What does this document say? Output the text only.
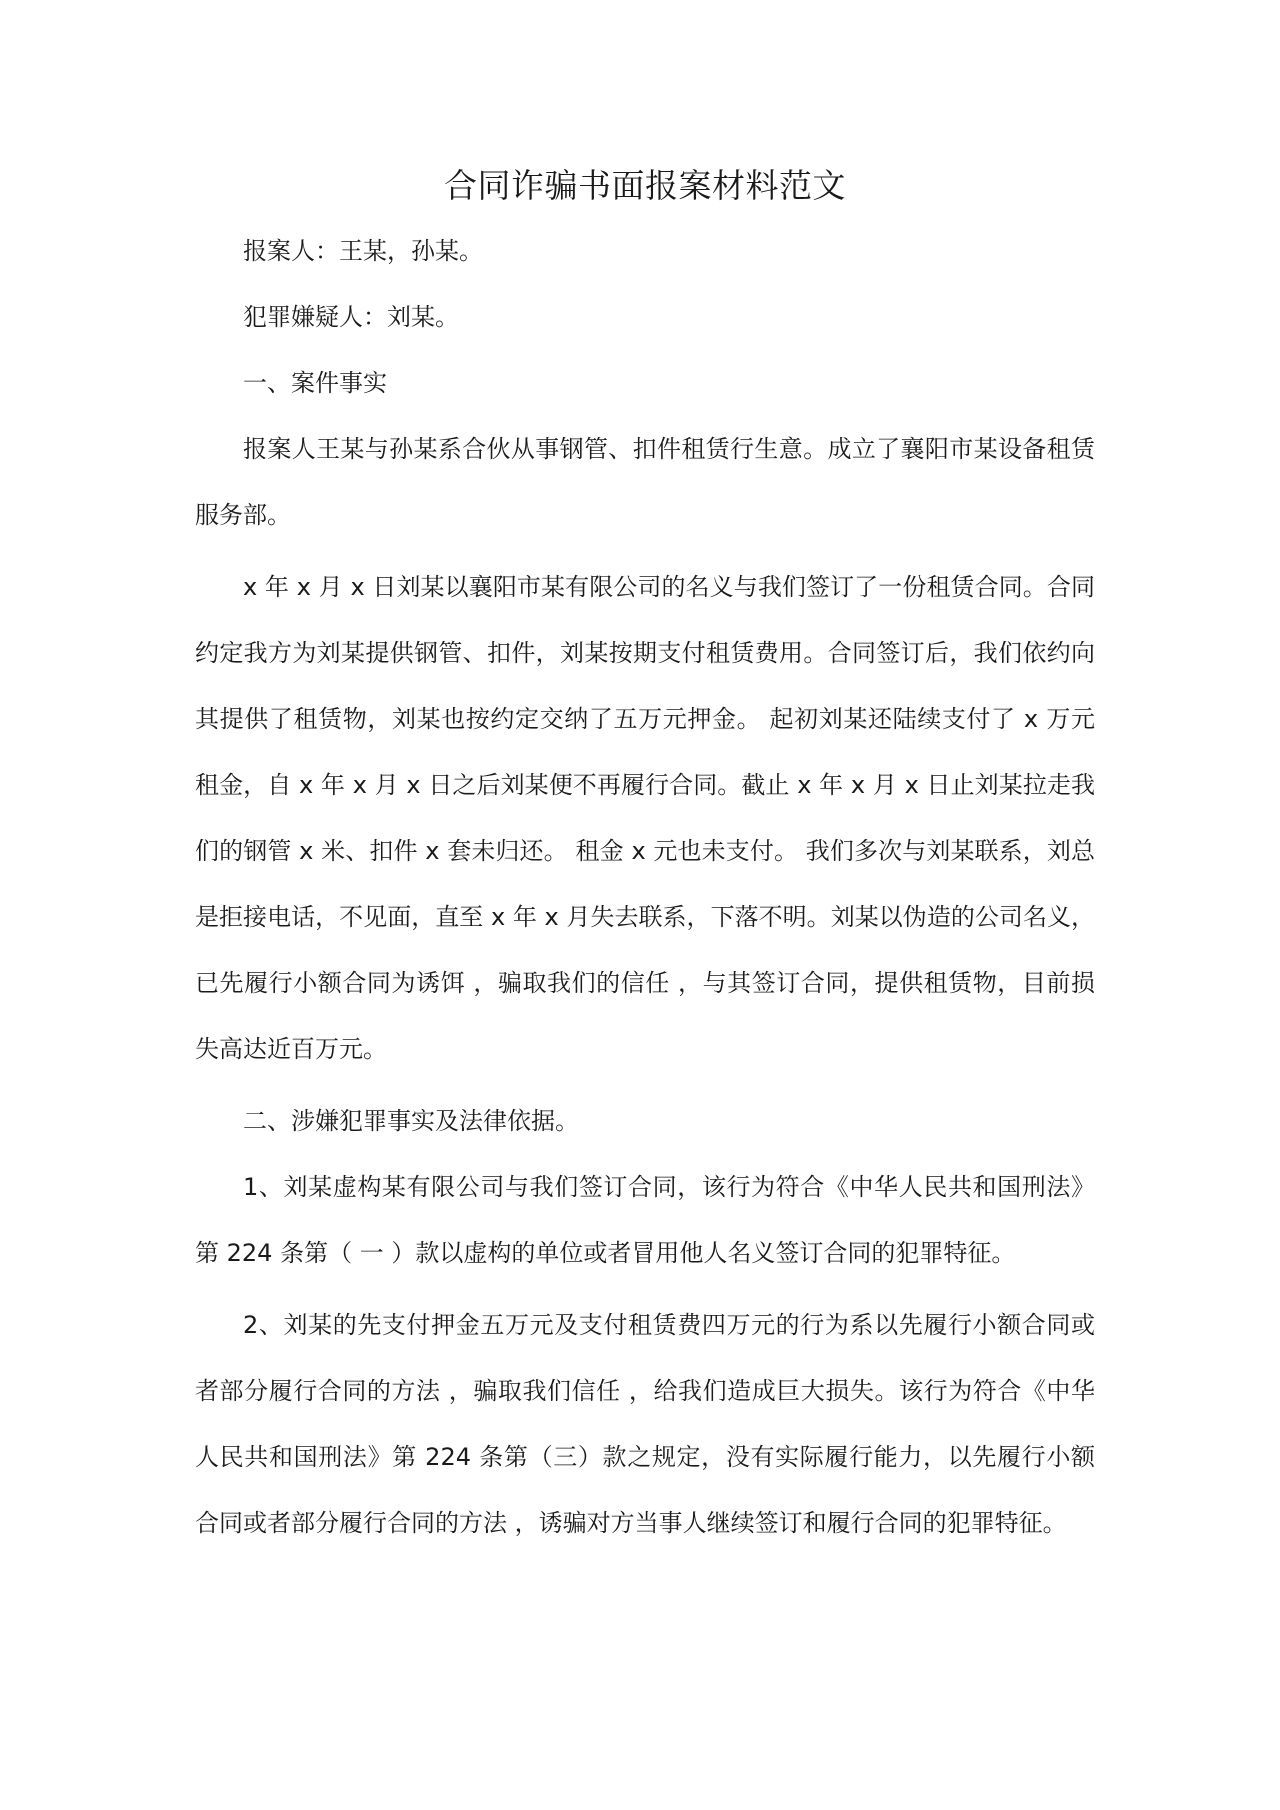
合同诈骗书面报案材料范文

报案人：王某，孙某。

犯罪嫌疑人：刘某。

一、案件事实

报案人王某与孙某系合伙从事钢管、扣件租赁行生意。成立了襄阳市某设备租赁服务部。

x 年 x 月 x 日刘某以襄阳市某有限公司的名义与我们签订了一份租赁合同。合同约定我方为刘某提供钢管、扣件，刘某按期支付租赁费用。合同签订后，我们依约向其提供了租赁物，刘某也按约定交纳了五万元押金。 起初刘某还陆续支付了 x 万元租金，自 x 年 x 月 x 日之后刘某便不再履行合同。截止 x 年 x 月 x 日止刘某拉走我们的钢管 x 米、扣件 x 套未归还。 租金 x 元也未支付。 我们多次与刘某联系，刘总是拒接电话，不见面，直至 x 年 x 月失去联系，下落不明。刘某以伪造的公司名义，已先履行小额合同为诱饵 ，骗取我们的信任 ，与其签订合同，提供租赁物，目前损失高达近百万元。

二、涉嫌犯罪事实及法律依据。

1、刘某虚构某有限公司与我们签订合同，该行为符合《中华人民共和国刑法》第 224 条第（ 一 ）款以虚构的单位或者冒用他人名义签订合同的犯罪特征。

2、刘某的先支付押金五万元及支付租赁费四万元的行为系以先履行小额合同或者部分履行合同的方法 ，骗取我们信任 ，给我们造成巨大损失。该行为符合《中华人民共和国刑法》第 224 条第（三）款之规定，没有实际履行能力，以先履行小额合同或者部分履行合同的方法 ，诱骗对方当事人继续签订和履行合同的犯罪特征。
